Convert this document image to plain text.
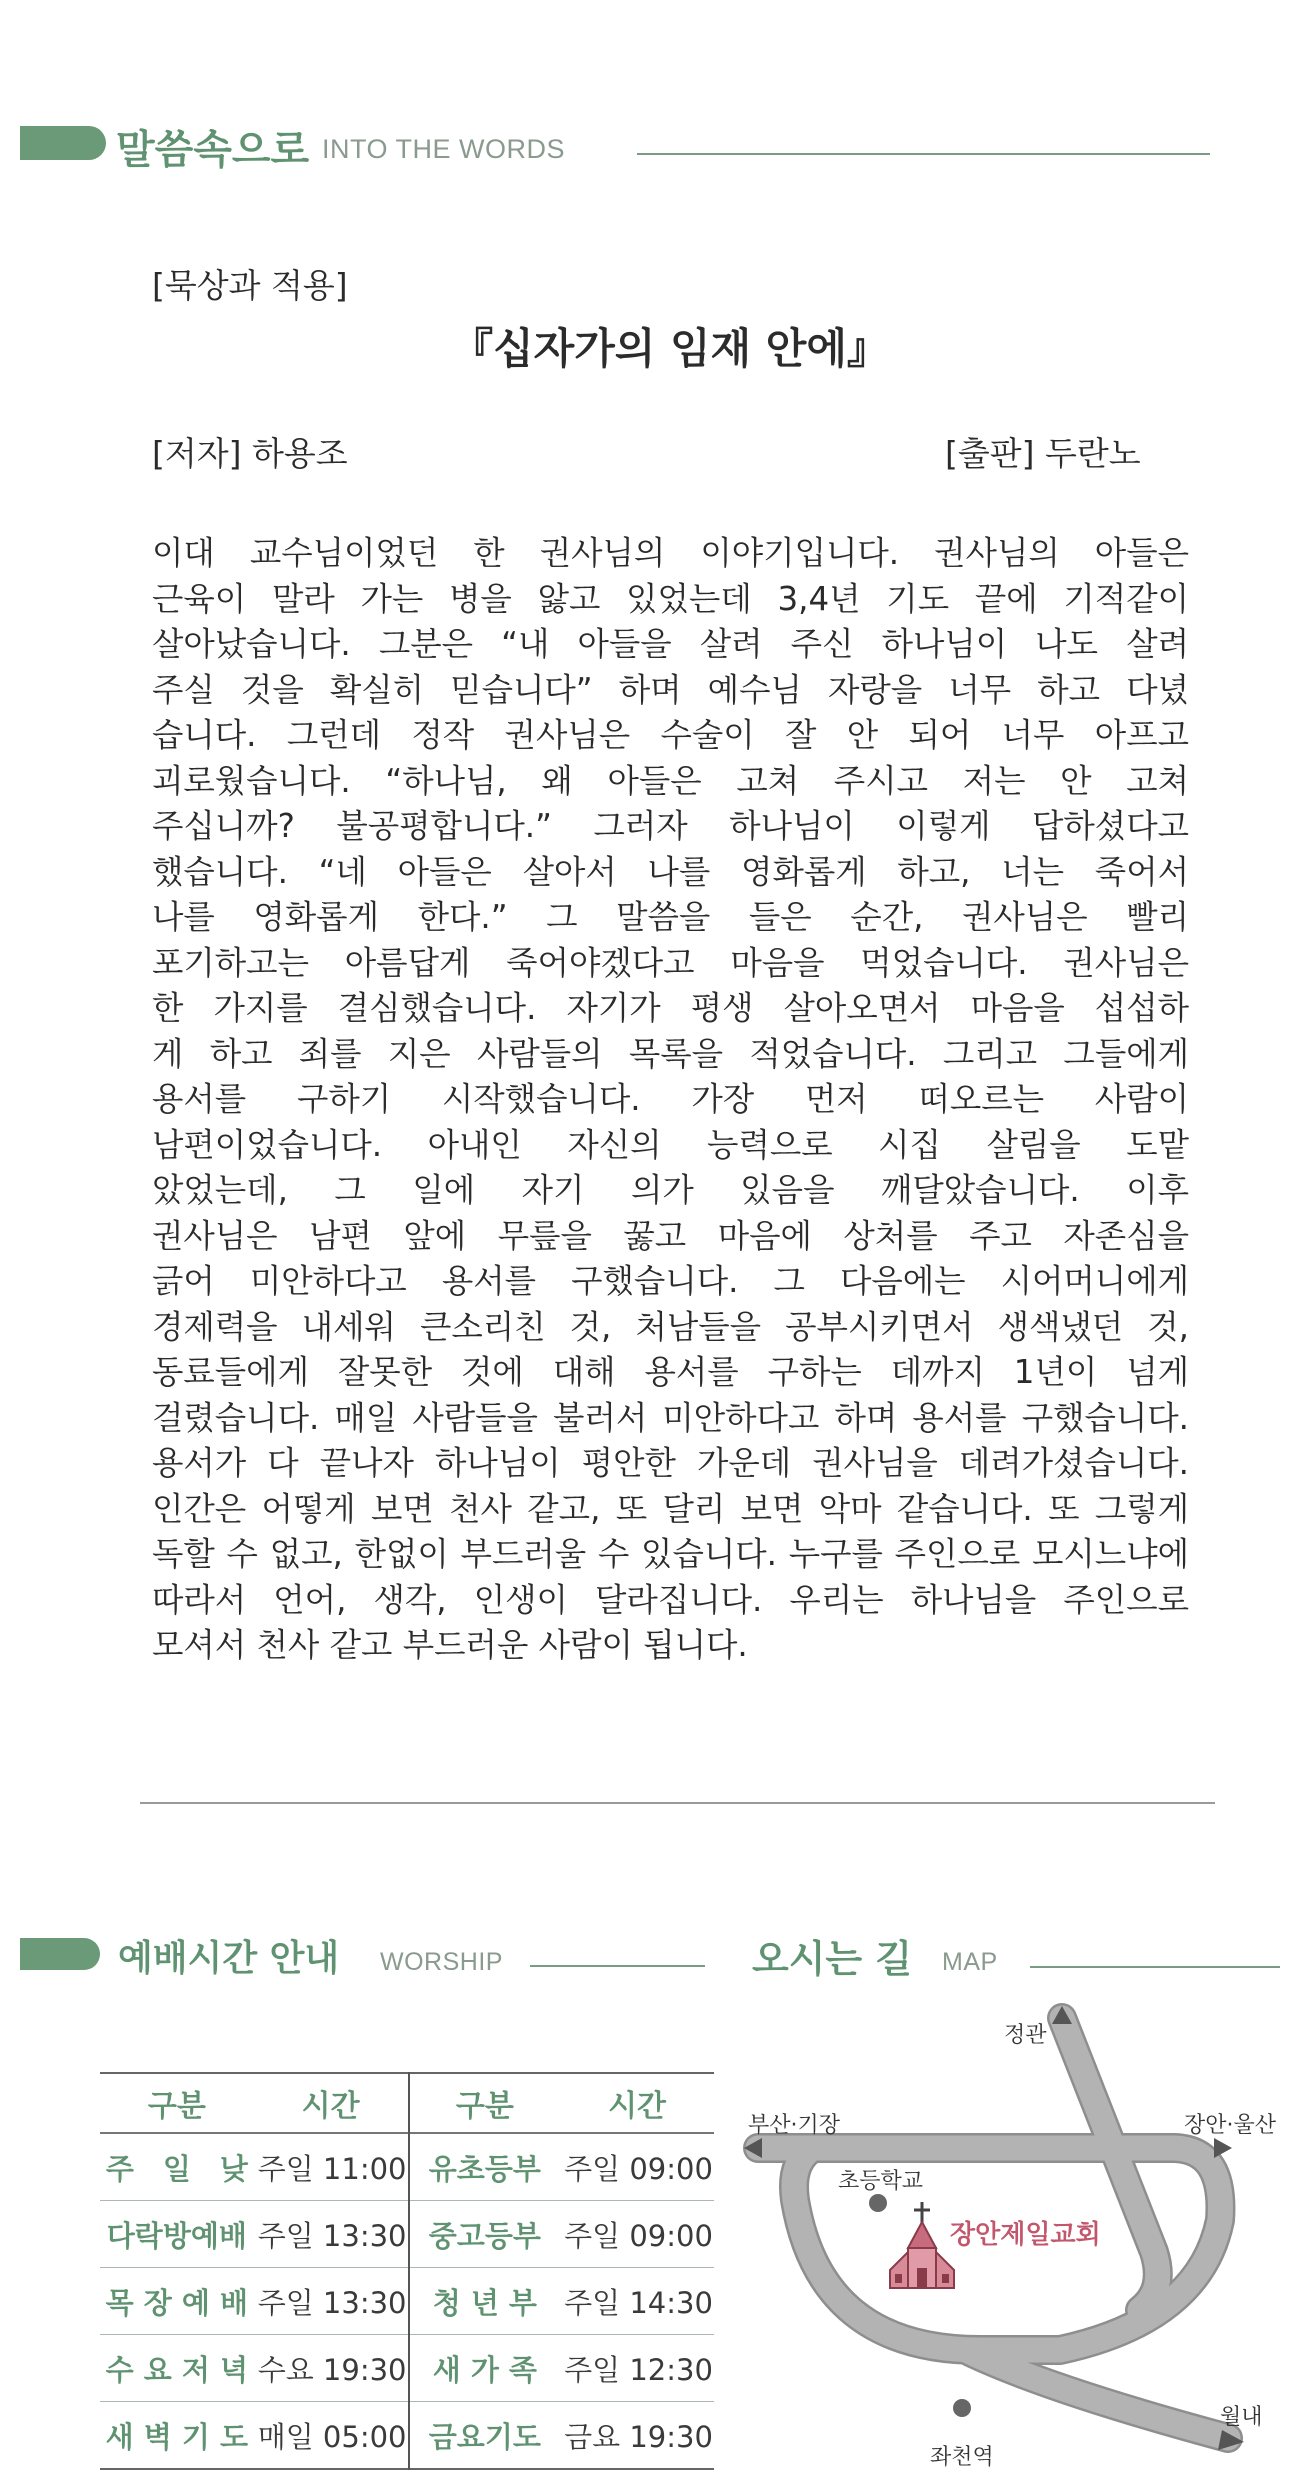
말씀속으로 INTO THE WORDS
[묵상과 적용]
『십자가의 임재 안에』
[저자] 하용조	[출판] 두란노
이대 교수님이었던 한 권사님의 이야기입니다. 권사님의 아들은
근육이 말라 가는 병을 앓고 있었는데 3,4년 기도 끝에 기적같이
살아났습니다. 그분은 “내 아들을 살려 주신 하나님이 나도 살려
주실 것을 확실히 믿습니다” 하며 예수님 자랑을 너무 하고 다녔
습니다. 그런데 정작 권사님은 수술이 잘 안 되어 너무 아프고
괴로웠습니다. “하나님, 왜 아들은 고쳐 주시고 저는 안 고쳐
주십니까? 불공평합니다.” 그러자 하나님이 이렇게 답하셨다고
했습니다. “네 아들은 살아서 나를 영화롭게 하고, 너는 죽어서
나를 영화롭게 한다.” 그 말씀을 들은 순간, 권사님은 빨리
포기하고는 아름답게 죽어야겠다고 마음을 먹었습니다. 권사님은
한 가지를 결심했습니다. 자기가 평생 살아오면서 마음을 섭섭하
게 하고 죄를 지은 사람들의 목록을 적었습니다. 그리고 그들에게
용서를 구하기 시작했습니다. 가장 먼저 떠오르는 사람이
남편이었습니다. 아내인 자신의 능력으로 시집 살림을 도맡
았었는데, 그 일에 자기 의가 있음을 깨달았습니다. 이후
권사님은 남편 앞에 무릎을 꿇고 마음에 상처를 주고 자존심을
긁어 미안하다고 용서를 구했습니다. 그 다음에는 시어머니에게
경제력을 내세워 큰소리친 것, 처남들을 공부시키면서 생색냈던 것,
동료들에게 잘못한 것에 대해 용서를 구하는 데까지 1년이 넘게
걸렸습니다. 매일 사람들을 불러서 미안하다고 하며 용서를 구했습니다.
용서가 다 끝나자 하나님이 평안한 가운데 권사님을 데려가셨습니다.
인간은 어떻게 보면 천사 같고, 또 달리 보면 악마 같습니다. 또 그렇게
독할 수 없고, 한없이 부드러울 수 있습니다. 누구를 주인으로 모시느냐에
따라서 언어, 생각, 인생이 달라집니다. 우리는 하나님을 주인으로
모셔서 천사 같고 부드러운 사람이 됩니다.
예배시간 안내 WORSHIP
구분	시간	구분	시간
주　일　낮	주일 11:00	유초등부	주일 09:00
다락방예배	주일 13:30	중고등부	주일 09:00
목 장 예 배	주일 13:30	청 년 부	주일 14:30
수 요 저 녁	수요 19:30	새 가 족	주일 12:30
새 벽 기 도	매일 05:00	금요기도	금요 19:30
오시는 길 MAP
정관
부산·기장	장안·울산
초등학교
장안제일교회
월내
좌천역
